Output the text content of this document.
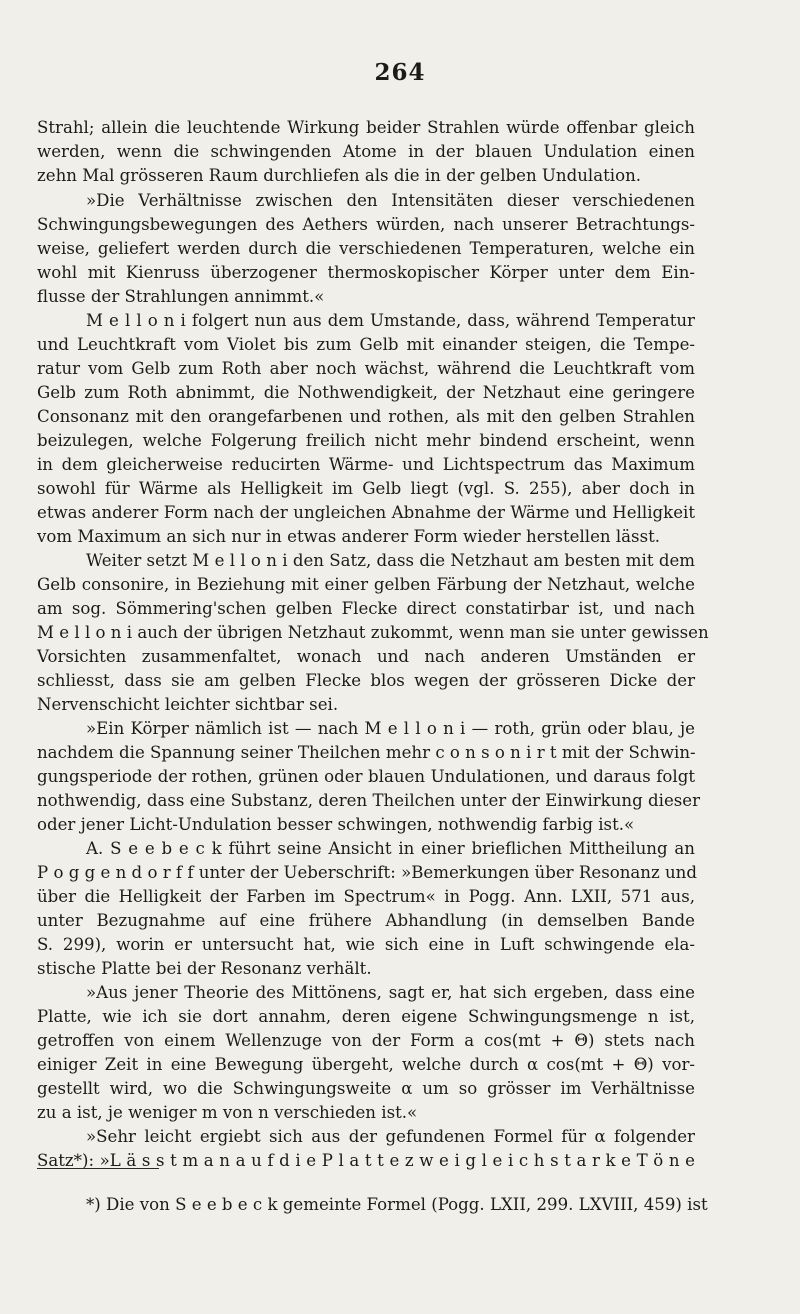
264
Strahl; allein die leuchtende Wirkung beider Strahlen würde offenbar gleich
werden, wenn die schwingenden Atome in der blauen Undulation einen
zehn Mal grösseren Raum durchliefen als die in der gelben Undulation.
»Die Verhältnisse zwischen den Intensitäten dieser verschiedenen
Schwingungsbewegungen des Aethers würden, nach unserer Betrachtungs-
weise, geliefert werden durch die verschiedenen Temperaturen, welche ein
wohl mit Kienruss überzogener thermoskopischer Körper unter dem Ein-
flusse der Strahlungen annimmt.«
M e l l o n i folgert nun aus dem Umstande, dass, während Temperatur
und Leuchtkraft vom Violet bis zum Gelb mit einander steigen, die Tempe-
ratur vom Gelb zum Roth aber noch wächst, während die Leuchtkraft vom
Gelb zum Roth abnimmt, die Nothwendigkeit, der Netzhaut eine geringere
Consonanz mit den orangefarbenen und rothen, als mit den gelben Strahlen
beizulegen, welche Folgerung freilich nicht mehr bindend erscheint, wenn
in dem gleicherweise reducirten Wärme- und Lichtspectrum das Maximum
sowohl für Wärme als Helligkeit im Gelb liegt (vgl. S. 255), aber doch in
etwas anderer Form nach der ungleichen Abnahme der Wärme und Helligkeit
vom Maximum an sich nur in etwas anderer Form wieder herstellen lässt.
Weiter setzt M e l l o n i den Satz, dass die Netzhaut am besten mit dem
Gelb consonire, in Beziehung mit einer gelben Färbung der Netzhaut, welche
am sog. Sömmering'schen gelben Flecke direct constatirbar ist, und nach
M e l l o n i auch der übrigen Netzhaut zukommt, wenn man sie unter gewissen
Vorsichten zusammenfaltet, wonach und nach anderen Umständen er
schliesst, dass sie am gelben Flecke blos wegen der grösseren Dicke der
Nervenschicht leichter sichtbar sei.
»Ein Körper nämlich ist — nach M e l l o n i — roth, grün oder blau, je
nachdem die Spannung seiner Theilchen mehr c o n s o n i r t mit der Schwin-
gungsperiode der rothen, grünen oder blauen Undulationen, und daraus folgt
nothwendig, dass eine Substanz, deren Theilchen unter der Einwirkung dieser
oder jener Licht-Undulation besser schwingen, nothwendig farbig ist.«
A. S e e b e c k führt seine Ansicht in einer brieflichen Mittheilung an
P o g g e n d o r f f unter der Ueberschrift: »Bemerkungen über Resonanz und
über die Helligkeit der Farben im Spectrum« in Pogg. Ann. LXII, 571 aus,
unter Bezugnahme auf eine frühere Abhandlung (in demselben Bande
S. 299), worin er untersucht hat, wie sich eine in Luft schwingende ela-
stische Platte bei der Resonanz verhält.
»Aus jener Theorie des Mittönens, sagt er, hat sich ergeben, dass eine
Platte, wie ich sie dort annahm, deren eigene Schwingungsmenge n ist,
getroffen von einem Wellenzuge von der Form a cos(mt + Θ) stets nach
einiger Zeit in eine Bewegung übergeht, welche durch α cos(mt + Θ) vor-
gestellt wird, wo die Schwingungsweite α um so grösser im Verhältnisse
zu a ist, je weniger m von n verschieden ist.«
»Sehr leicht ergiebt sich aus der gefundenen Formel für α folgender
Satz*): »L ä s s t m a n a u f d i e P l a t t e z w e i g l e i c h s t a r k e T ö n e
*) Die von S e e b e c k gemeinte Formel (Pogg. LXII, 299. LXVIII, 459) ist
